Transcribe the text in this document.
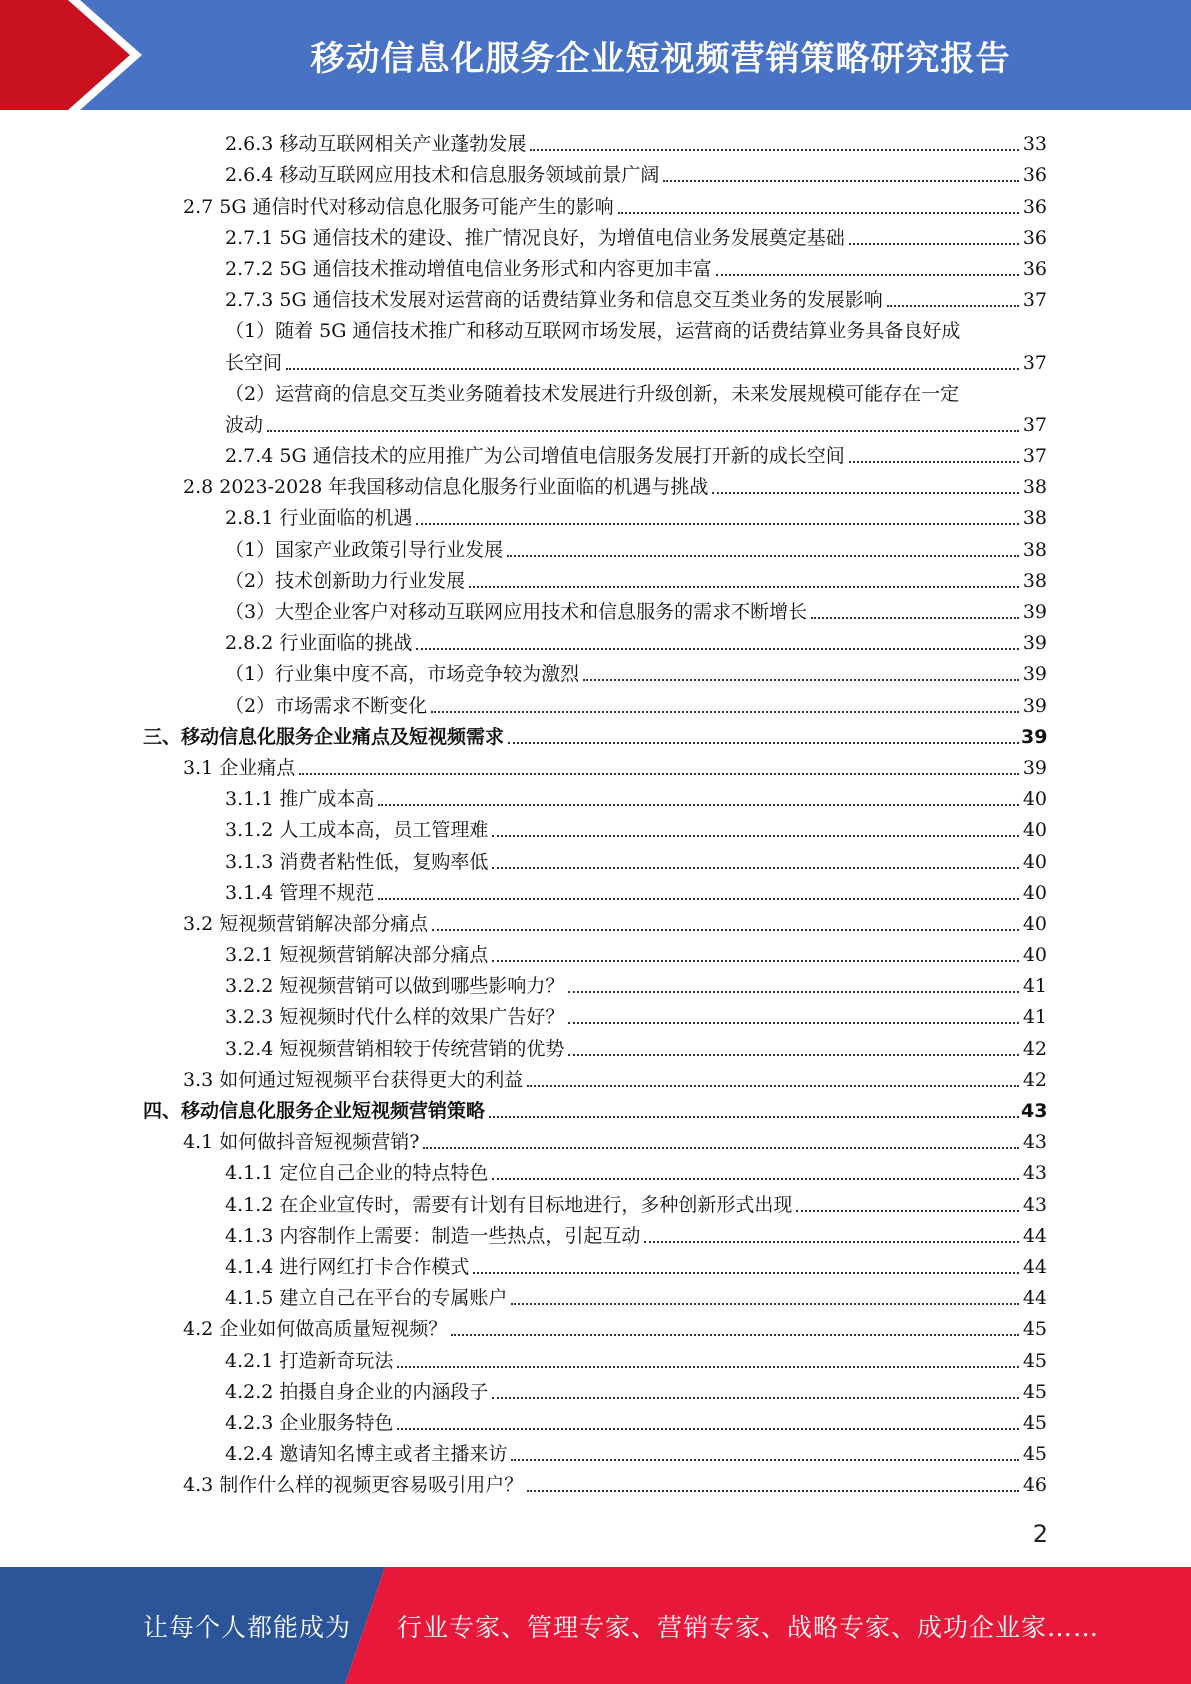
移动信息化服务企业短视频营销策略研究报告
2.6.3 移动互联网相关产业蓬勃发展	33
2.6.4 移动互联网应用技术和信息服务领域前景广阔	36
2.7 5G 通信时代对移动信息化服务可能产生的影响	36
2.7.1 5G 通信技术的建设、推广情况良好，为增值电信业务发展奠定基础	36
2.7.2 5G 通信技术推动增值电信业务形式和内容更加丰富	36
2.7.3 5G 通信技术发展对运营商的话费结算业务和信息交互类业务的发展影响	37
（1）随着 5G 通信技术推广和移动互联网市场发展，运营商的话费结算业务具备良好成
长空间	37
（2）运营商的信息交互类业务随着技术发展进行升级创新，未来发展规模可能存在一定
波动	37
2.7.4 5G 通信技术的应用推广为公司增值电信服务发展打开新的成长空间	37
2.8 2023-2028 年我国移动信息化服务行业面临的机遇与挑战	38
2.8.1 行业面临的机遇	38
（1）国家产业政策引导行业发展	38
（2）技术创新助力行业发展	38
（3）大型企业客户对移动互联网应用技术和信息服务的需求不断增长	39
2.8.2 行业面临的挑战	39
（1）行业集中度不高，市场竞争较为激烈	39
（2）市场需求不断变化	39
三、移动信息化服务企业痛点及短视频需求	39
3.1 企业痛点	39
3.1.1 推广成本高	40
3.1.2 人工成本高，员工管理难	40
3.1.3 消费者粘性低，复购率低	40
3.1.4 管理不规范	40
3.2 短视频营销解决部分痛点	40
3.2.1 短视频营销解决部分痛点	40
3.2.2 短视频营销可以做到哪些影响力？	41
3.2.3 短视频时代什么样的效果广告好？	41
3.2.4 短视频营销相较于传统营销的优势	42
3.3 如何通过短视频平台获得更大的利益	42
四、移动信息化服务企业短视频营销策略	43
4.1 如何做抖音短视频营销?	43
4.1.1 定位自己企业的特点特色	43
4.1.2 在企业宣传时，需要有计划有目标地进行，多种创新形式出现	43
4.1.3 内容制作上需要：制造一些热点，引起互动	44
4.1.4 进行网红打卡合作模式	44
4.1.5 建立自己在平台的专属账户	44
4.2 企业如何做高质量短视频？	45
4.2.1 打造新奇玩法	45
4.2.2 拍摄自身企业的内涵段子	45
4.2.3 企业服务特色	45
4.2.4 邀请知名博主或者主播来访	45
4.3 制作什么样的视频更容易吸引用户？	46
2
让每个人都能成为 行业专家、管理专家、营销专家、战略专家、成功企业家……
